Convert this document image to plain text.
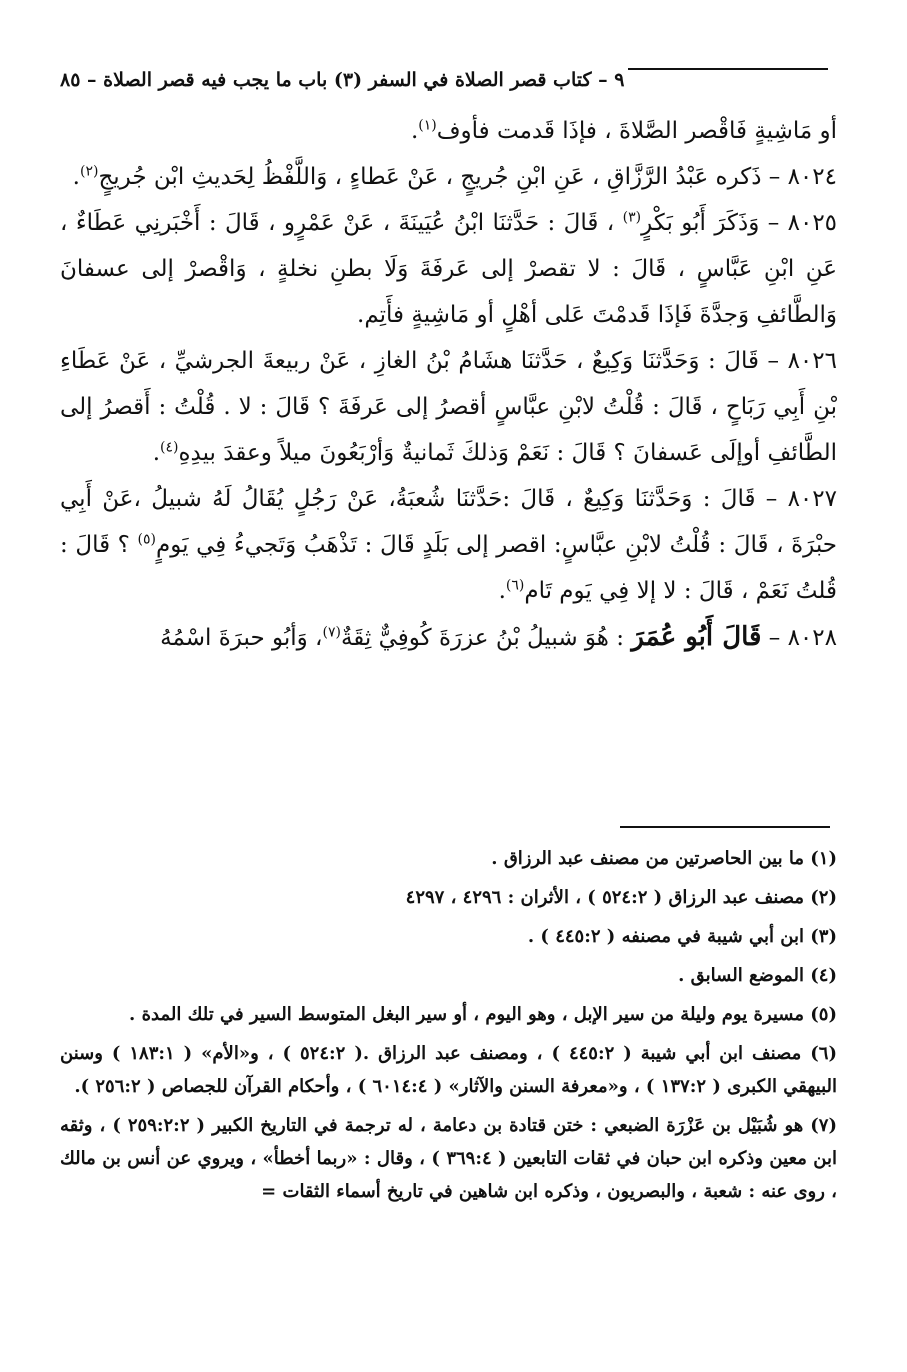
٩ – كتاب قصر الصلاة في السفر (٣) باب ما يجب فيه قصر الصلاة – ٨٥

أو مَاشِيةٍ فَاقْصر الصَّلاةَ ، فإذَا قَدمت فأوف$^{(١)}$.

٨٠٢٤ – ذَكره عَبْدُ الرَّزَّاقِ ، عَنِ ابْنِ جُريجٍ ، عَنْ عَطاءٍ ، وَاللَّفْظُ لِحَديثِ ابْن جُريجٍ$^{(٢)}$.

٨٠٢٥ – وَذَكَرَ أَبُو بَكْرٍ$^{(٣)}$ ، قَالَ : حَدَّثنَا ابْنُ عُيَينَةَ ، عَنْ عَمْرٍو ، قَالَ : أَخْبَرنِي عَطَاءٌ ، عَنِ ابْنِ عَبَّاسٍ ، قَالَ : لا تقصرْ إلى عَرفَةَ وَلَا بطنِ نخلةٍ ، وَاقْصرْ إلى عسفانَ وَالطَّائفِ وَجدَّةَ فَإذَا قَدمْتَ عَلى أهْلٍ أو مَاشِيةٍ فأَتِم.

٨٠٢٦ – قَالَ : وَحَدَّثنَا وَكِيعٌ ، حَدَّثنَا هشَامُ بْنُ الغازِ ، عَنْ ربيعةَ الجرشيِّ ، عَنْ عَطَاءِ بْنِ أَبِي رَبَاحٍ ، قَالَ : قُلْتُ لابْنِ عبَّاسٍ أقصرُ إلى عَرفَةَ ؟ قَالَ : لا . قُلْتُ : أَقصرُ إلى الطَّائفِ أوإلَى عَسفانَ ؟ قَالَ : نَعَمْ وَذلكَ ثَمانيةٌ وَأرْبَعُونَ ميلاً وعقدَ بيدِهِ$^{(٤)}$.

٨٠٢٧ – قَالَ : وَحَدَّثنَا وَكِيعٌ ، قَالَ :حَدَّثنَا شُعبَةُ، عَنْ رَجُلٍ يُقَالُ لَهُ شبيلُ ،عَنْ أَبِي حبْرَةَ ، قَالَ : قُلْتُ لابْنِ عبَّاسٍ: اقصر إلى بَلَدٍ قَالَ : تَذْهَبُ وَتَجيءُ فِي يَومٍ$^{(٥)}$ ؟ قَالَ : قُلتُ نَعَمْ ، قَالَ : لا إلا فِي يَوم تَام$^{(٦)}$.

٨٠٢٨ – قَالَ أَبُو عُمَرَ : هُوَ شبيلُ بْنُ عزرَةَ كُوفِيٌّ ثِقَةٌ$^{(٧)}$، وَأبُو حبرَةَ اسْمُهُ

(١) ما بين الحاصرتين من مصنف عبد الرزاق .

(٢) مصنف عبد الرزاق ( ٥٢٤:٢ ) ، الأثران : ٤٢٩٦ ، ٤٢٩٧

(٣) ابن أبي شيبة في مصنفه ( ٤٤٥:٢ ) .

(٤) الموضع السابق .

(٥) مسيرة يوم وليلة من سير الإبل ، وهو اليوم ، أو سير البغل المتوسط السير في تلك المدة .

(٦) مصنف ابن أبي شيبة ( ٤٤٥:٢ ) ، ومصنف عبد الرزاق .( ٥٢٤:٢ ) ، و«الأم» ( ١٨٣:١ ) وسنن البيهقي الكبرى ( ١٣٧:٢ ) ، و«معرفة السنن والآثار» ( ٦٠١٤:٤ ) ، وأحكام القرآن للجصاص ( ٢٥٦:٢ ).

(٧) هو شُبَيْل بن عَزْرَة الضبعي : ختن قتادة بن دعامة ، له ترجمة في التاريخ الكبير ( ٢٥٩:٢:٢ ) ، وثقه ابن معين وذكره ابن حبان في ثقات التابعين ( ٣٦٩:٤ ) ، وقال : «ربما أخطأ» ، ويروي عن أنس بن مالك ، روى عنه : شعبة ، والبصريون ، وذكره ابن شاهين في تاريخ أسماء الثقات =
